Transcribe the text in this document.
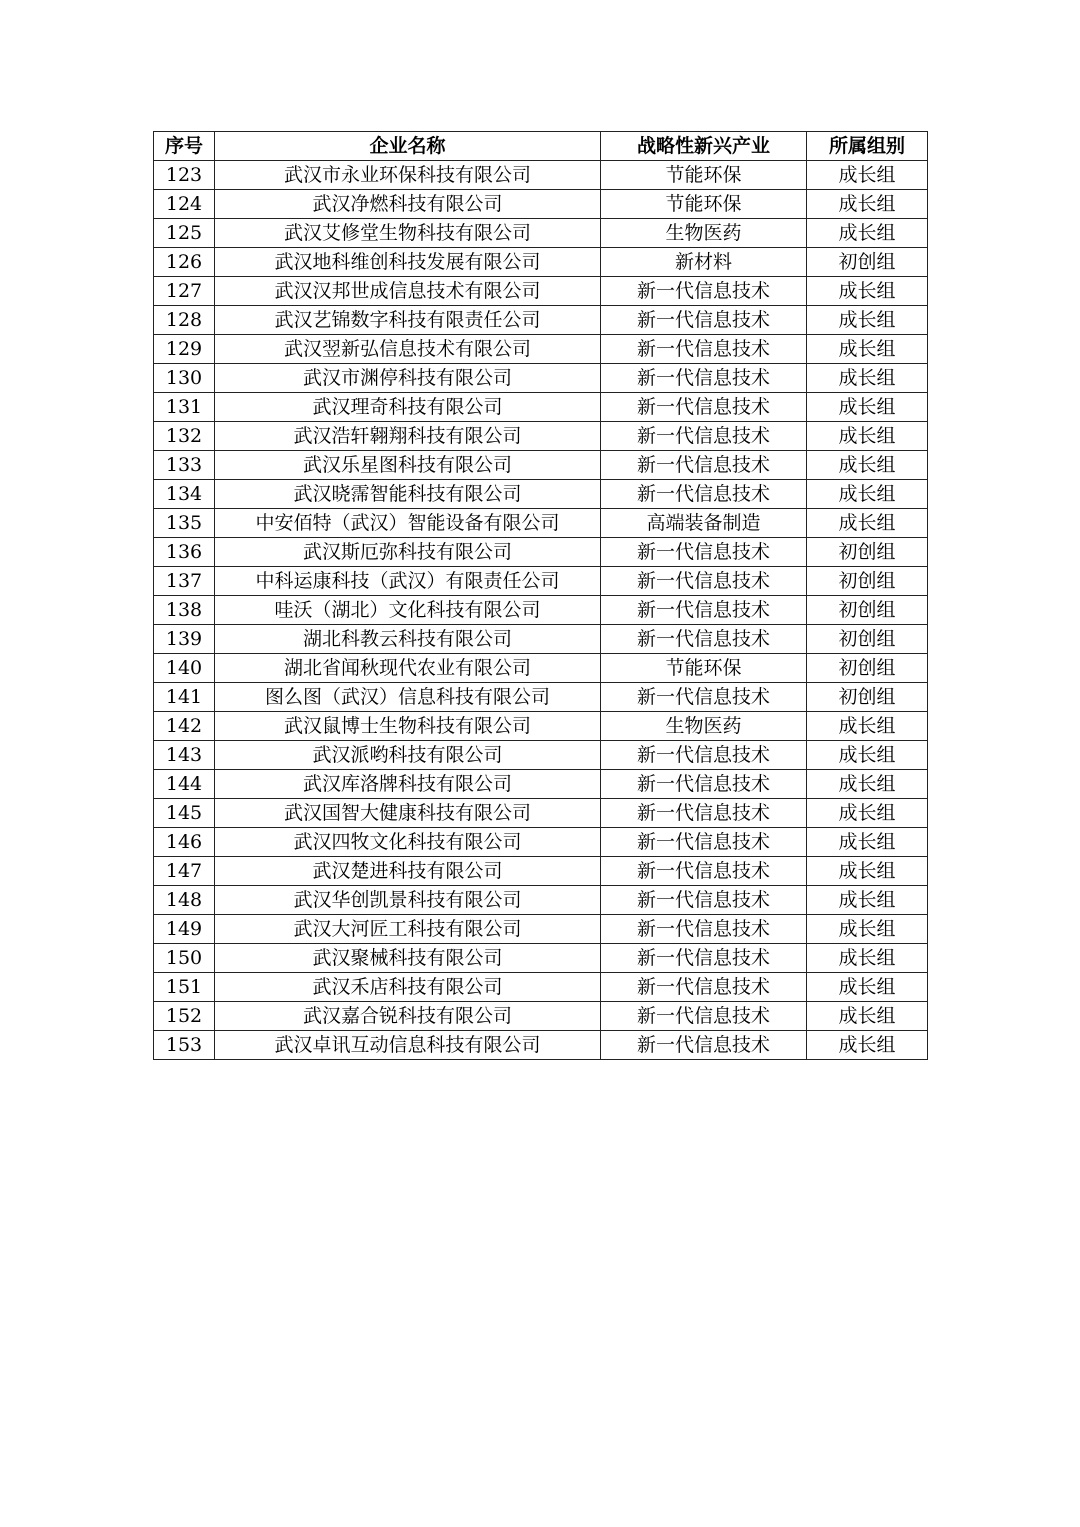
序号	企业名称	战略性新兴产业	所属组别
123	武汉市永业环保科技有限公司	节能环保	成长组
124	武汉净燃科技有限公司	节能环保	成长组
125	武汉艾修堂生物科技有限公司	生物医药	成长组
126	武汉地科维创科技发展有限公司	新材料	初创组
127	武汉汉邦世成信息技术有限公司	新一代信息技术	成长组
128	武汉艺锦数字科技有限责任公司	新一代信息技术	成长组
129	武汉翌新弘信息技术有限公司	新一代信息技术	成长组
130	武汉市渊停科技有限公司	新一代信息技术	成长组
131	武汉理奇科技有限公司	新一代信息技术	成长组
132	武汉浩轩翱翔科技有限公司	新一代信息技术	成长组
133	武汉乐星图科技有限公司	新一代信息技术	成长组
134	武汉晓霈智能科技有限公司	新一代信息技术	成长组
135	中安佰特（武汉）智能设备有限公司	高端装备制造	成长组
136	武汉斯厄弥科技有限公司	新一代信息技术	初创组
137	中科运康科技（武汉）有限责任公司	新一代信息技术	初创组
138	哇沃（湖北）文化科技有限公司	新一代信息技术	初创组
139	湖北科教云科技有限公司	新一代信息技术	初创组
140	湖北省闻秋现代农业有限公司	节能环保	初创组
141	图么图（武汉）信息科技有限公司	新一代信息技术	初创组
142	武汉鼠博士生物科技有限公司	生物医药	成长组
143	武汉派哟科技有限公司	新一代信息技术	成长组
144	武汉库洛牌科技有限公司	新一代信息技术	成长组
145	武汉国智大健康科技有限公司	新一代信息技术	成长组
146	武汉四牧文化科技有限公司	新一代信息技术	成长组
147	武汉楚进科技有限公司	新一代信息技术	成长组
148	武汉华创凯景科技有限公司	新一代信息技术	成长组
149	武汉大河匠工科技有限公司	新一代信息技术	成长组
150	武汉聚械科技有限公司	新一代信息技术	成长组
151	武汉禾店科技有限公司	新一代信息技术	成长组
152	武汉嘉合锐科技有限公司	新一代信息技术	成长组
153	武汉卓讯互动信息科技有限公司	新一代信息技术	成长组
